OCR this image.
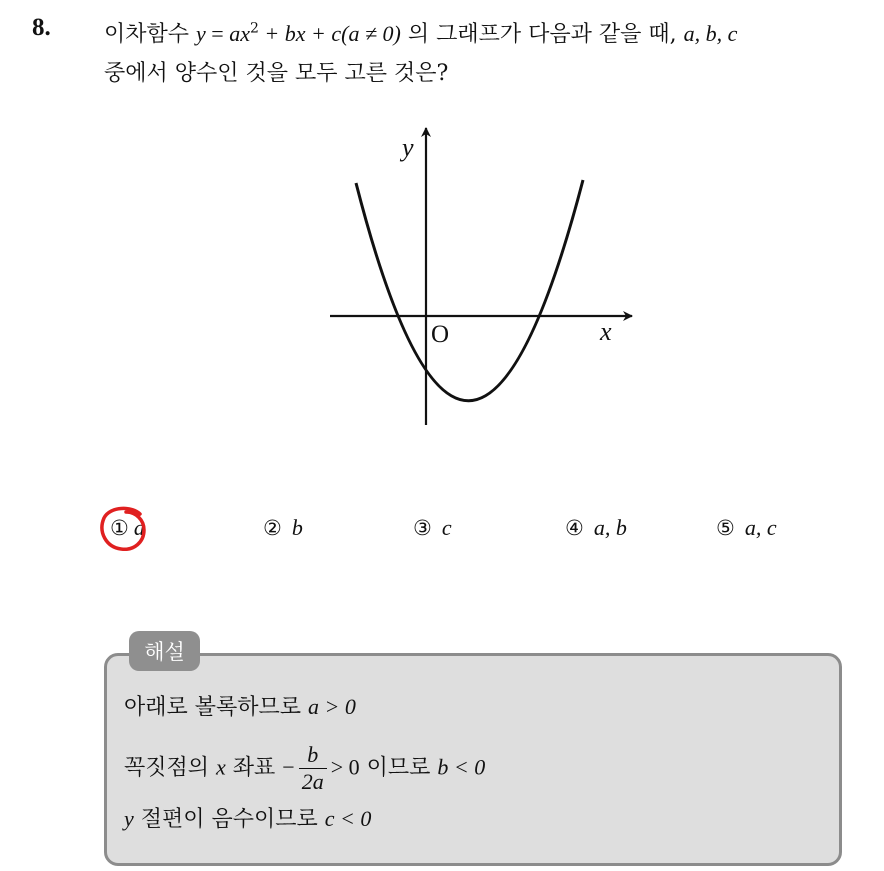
8. 이차함수 $y = ax^2$ + bx + c(a ≠ 0) 의 그래프가 다음과 같을 때, a, b, c
중에서 양수인 것을 모두 고른 것은?
y
x
O
① a	② b	③ c	④ a, b	⑤ a, c
해설
아래로 볼록하므로 a > 0
꼭짓점의 x 좌표 − $\frac{b}{2a} > 0$ 이므로 b < 0
y 절편이 음수이므로 c < 0
